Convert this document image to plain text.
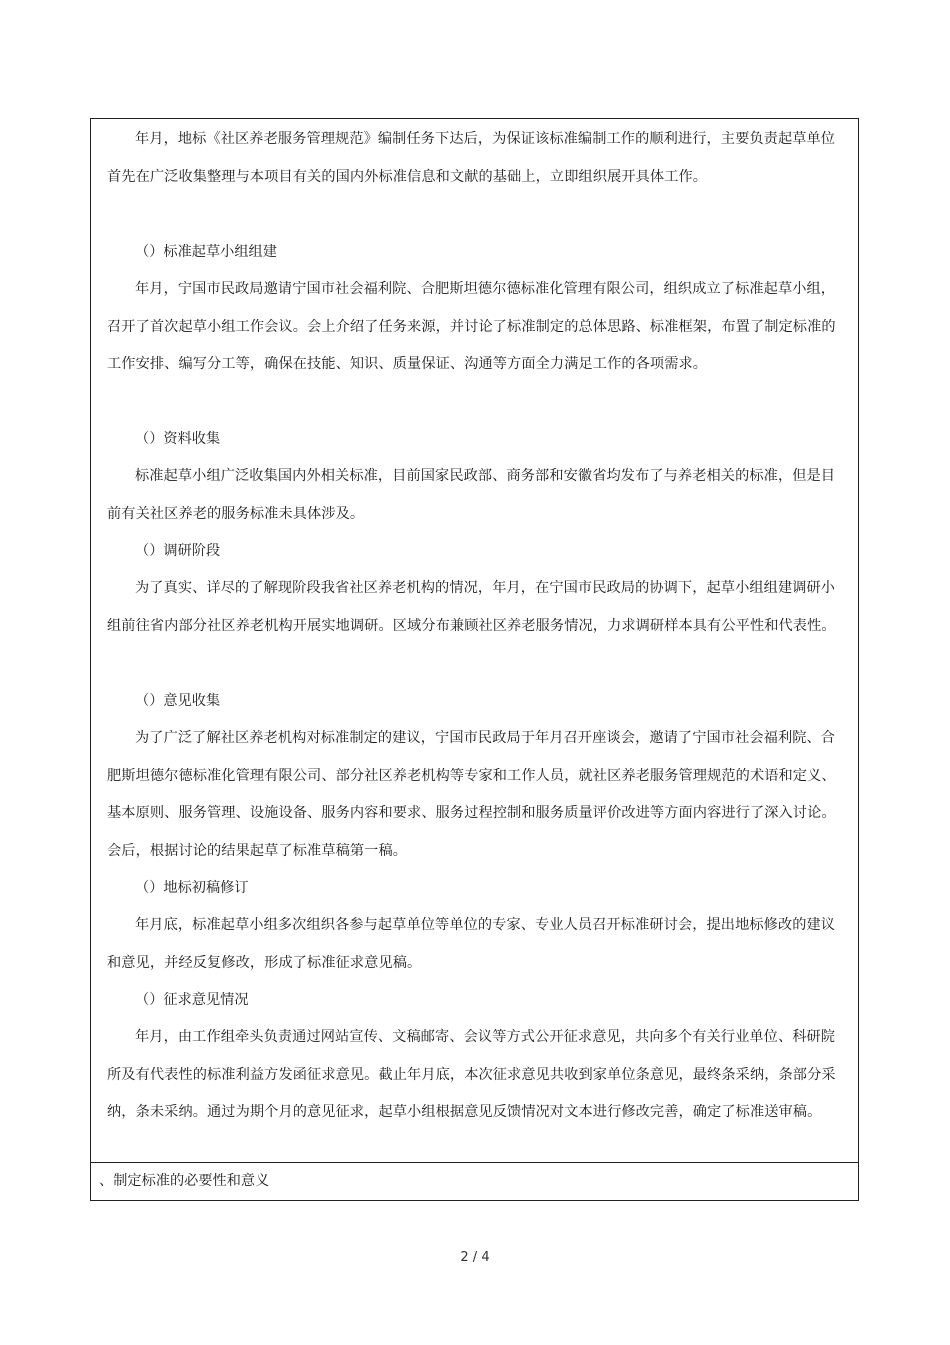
年月，地标《社区养老服务管理规范》编制任务下达后，为保证该标准编制工作的顺利进行，主要负责起草单位首先在广泛收集整理与本项目有关的国内外标准信息和文献的基础上，立即组织展开具体工作。

（）标准起草小组组建

年月，宁国市民政局邀请宁国市社会福利院、合肥斯坦德尔德标准化管理有限公司，组织成立了标准起草小组，召开了首次起草小组工作会议。会上介绍了任务来源，并讨论了标准制定的总体思路、标准框架，布置了制定标准的工作安排、编写分工等，确保在技能、知识、质量保证、沟通等方面全力满足工作的各项需求。

（）资料收集

标准起草小组广泛收集国内外相关标准，目前国家民政部、商务部和安徽省均发布了与养老相关的标准，但是目前有关社区养老的服务标准未具体涉及。

（）调研阶段

为了真实、详尽的了解现阶段我省社区养老机构的情况，年月，在宁国市民政局的协调下，起草小组组建调研小组前往省内部分社区养老机构开展实地调研。区域分布兼顾社区养老服务情况，力求调研样本具有公平性和代表性。

（）意见收集

为了广泛了解社区养老机构对标准制定的建议，宁国市民政局于年月召开座谈会，邀请了宁国市社会福利院、合肥斯坦德尔德标准化管理有限公司、部分社区养老机构等专家和工作人员，就社区养老服务管理规范的术语和定义、基本原则、服务管理、设施设备、服务内容和要求、服务过程控制和服务质量评价改进等方面内容进行了深入讨论。会后，根据讨论的结果起草了标准草稿第一稿。

（）地标初稿修订

年月底，标准起草小组多次组织各参与起草单位等单位的专家、专业人员召开标准研讨会，提出地标修改的建议和意见，并经反复修改，形成了标准征求意见稿。

（）征求意见情况

年月，由工作组牵头负责通过网站宣传、文稿邮寄、会议等方式公开征求意见，共向多个有关行业单位、科研院所及有代表性的标准利益方发函征求意见。截止年月底，本次征求意见共收到家单位条意见，最终条采纳，条部分采纳，条未采纳。通过为期个月的意见征求，起草小组根据意见反馈情况对文本进行修改完善，确定了标准送审稿。

、制定标准的必要性和意义

2 / 4
